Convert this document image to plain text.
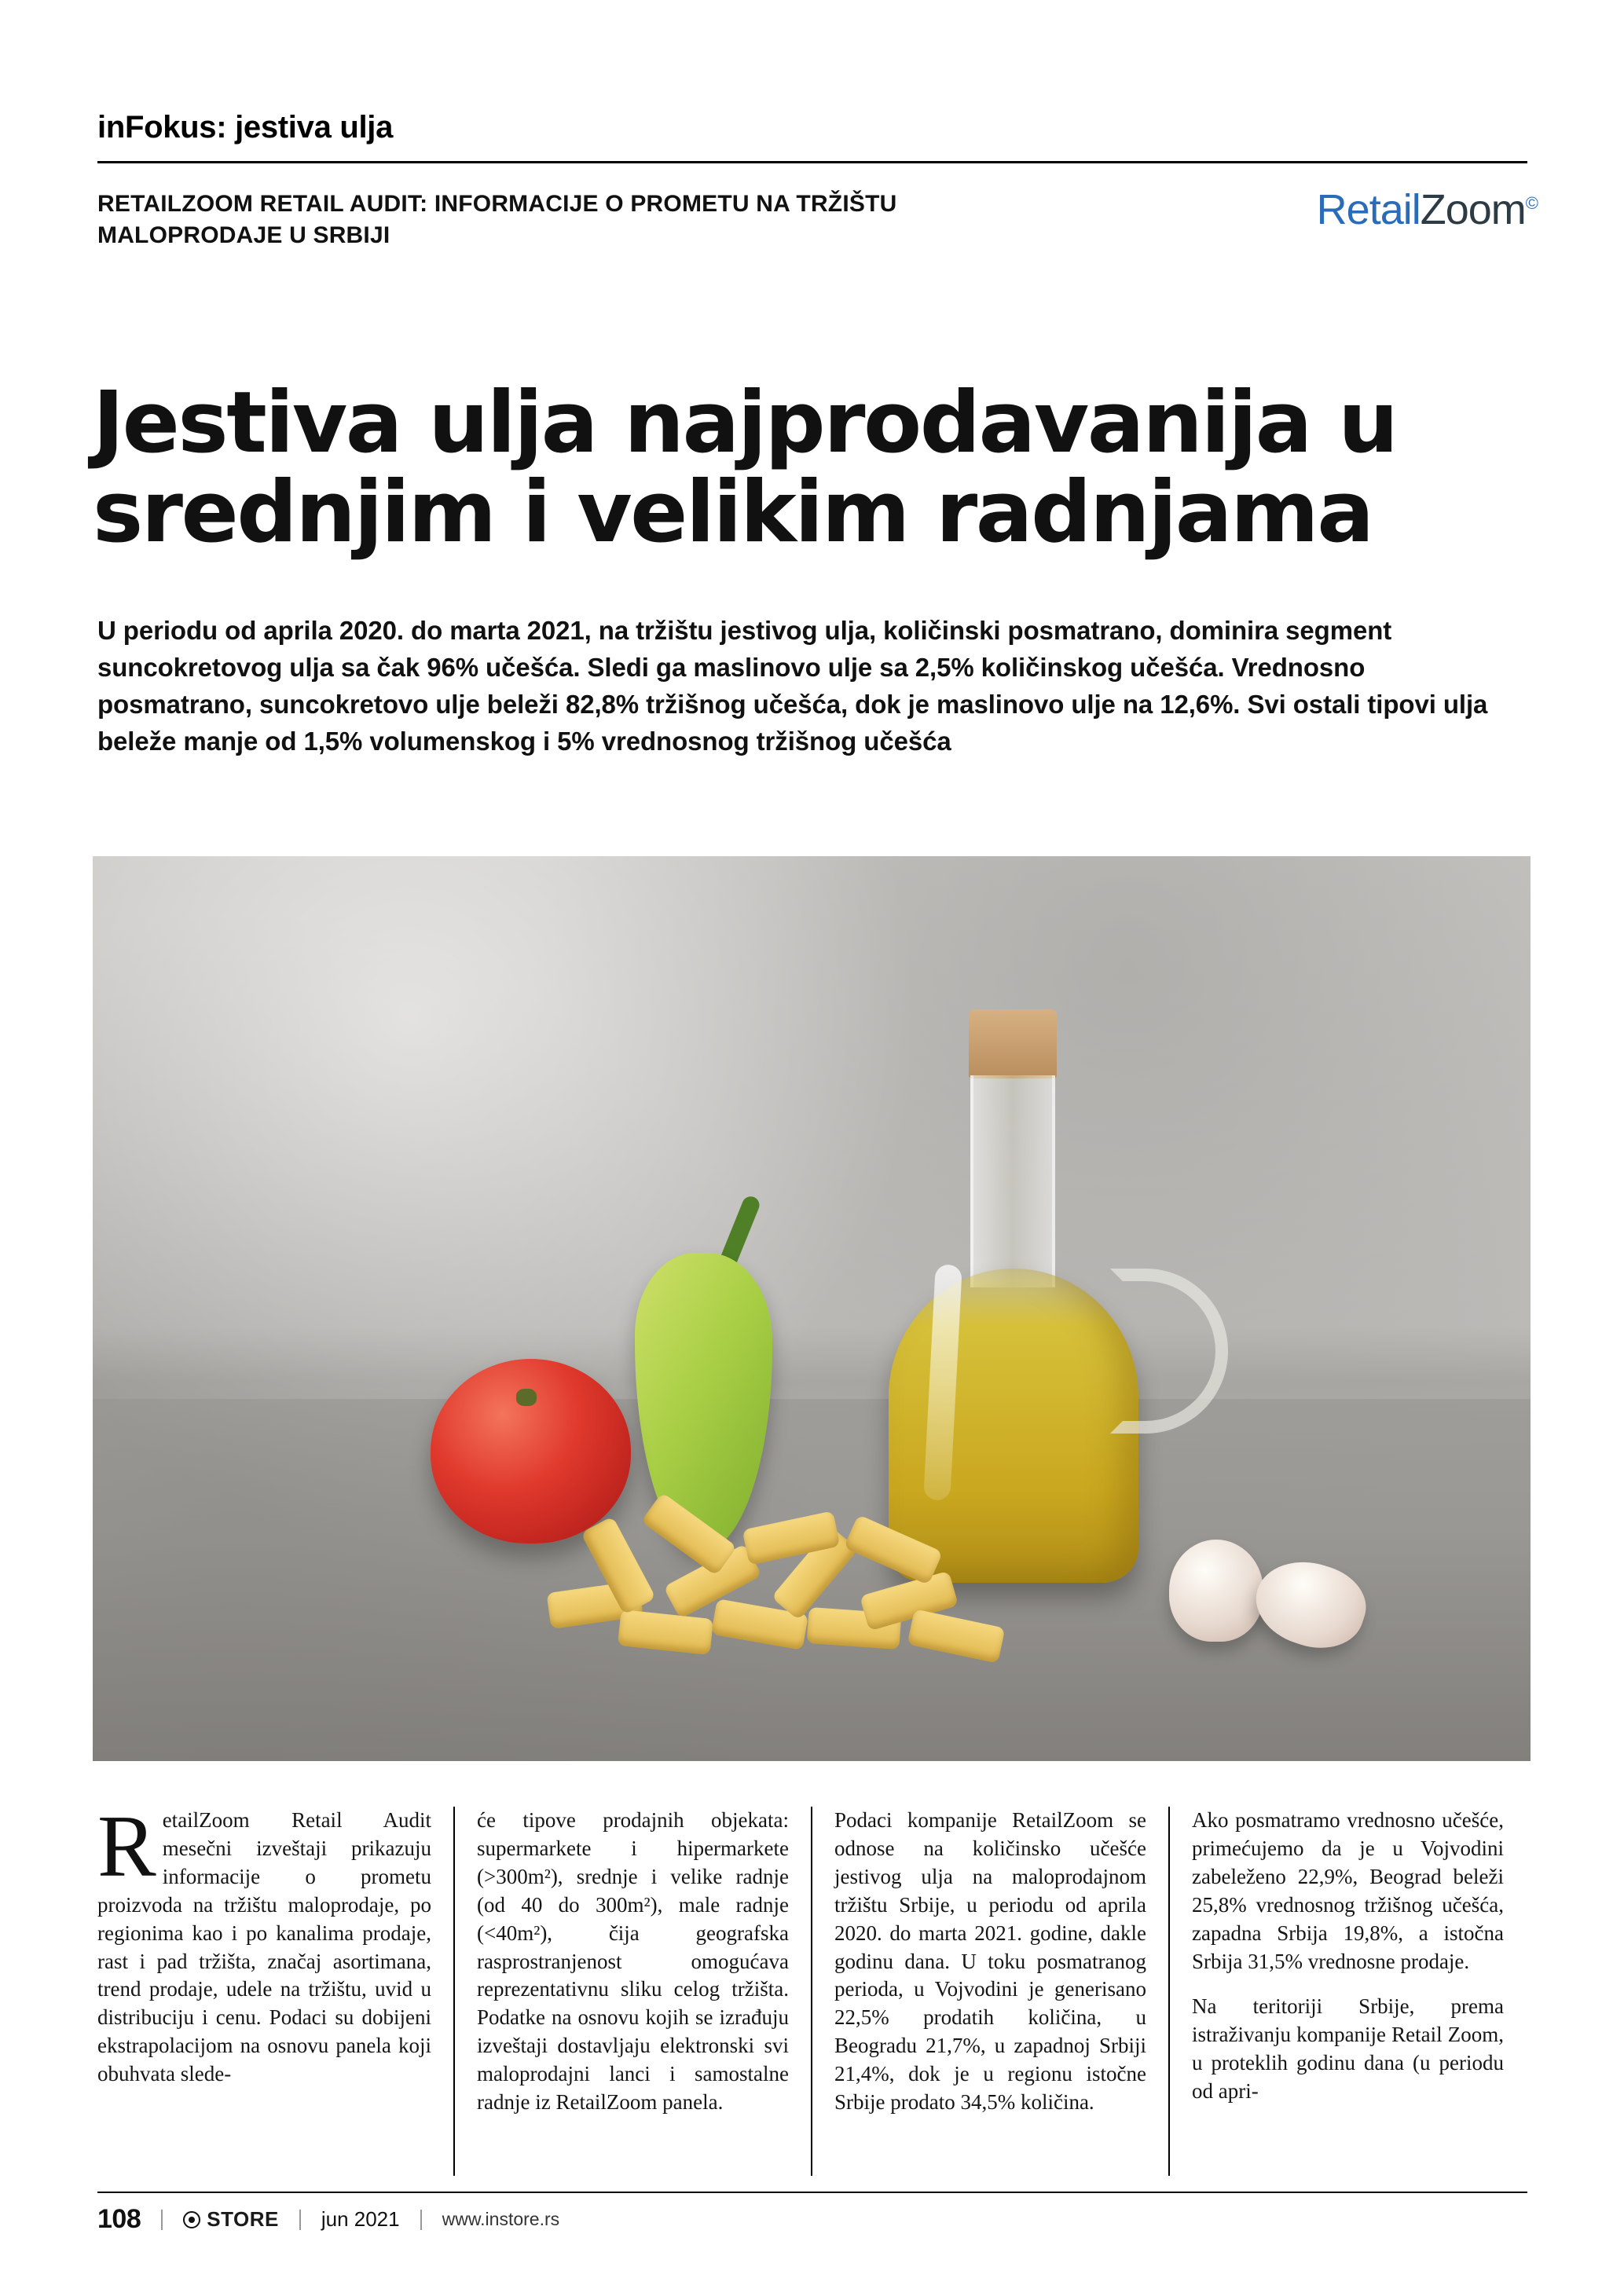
inFokus: jestiva ulja
RETAILZOOM RETAIL AUDIT: INFORMACIJE O PROMETU NA TRŽIŠTU MALOPRODAJE U SRBIJI
RetailZoom©
Jestiva ulja najprodavanija u srednjim i velikim radnjama
U periodu od aprila 2020. do marta 2021, na tržištu jestivog ulja, količinski posmatrano, dominira segment suncokretovog ulja sa čak 96% učešća. Sledi ga maslinovo ulje sa 2,5% količinskog učešća. Vrednosno posmatrano, suncokretovo ulje beleži 82,8% tržišnog učešća, dok je maslinovo ulje na 12,6%. Svi ostali tipovi ulja beleže manje od 1,5% volumenskog i 5% vrednosnog tržišnog učešća
R etailZoom Retail Audit mesečni izveštaji prikazuju informacije o prometu proizvoda na tržištu maloprodaje, po regionima kao i po kanalima prodaje, rast i pad tržišta, značaj asortimana, trend prodaje, udele na tržištu, uvid u distribuciju i cenu. Podaci su dobijeni ekstrapolacijom na osnovu panela koji obuhvata slede-

će tipove prodajnih objekata: supermarkete i hipermarkete (>300m²), srednje i velike radnje (od 40 do 300m²), male radnje (<40m²), čija geografska rasprostranjenost omogućava reprezentativnu sliku celog tržišta. Podatke na osnovu kojih se izrađuju izveštaji dostavljaju elektronski svi maloprodajni lanci i samostalne radnje iz RetailZoom panela.

Podaci kompanije RetailZoom se odnose na količinsko učešće jestivog ulja na maloprodajnom tržištu Srbije, u periodu od aprila 2020. do marta 2021. godine, dakle godinu dana. U toku posmatranog perioda, u Vojvodini je generisano 22,5% prodatih količina, u Beogradu 21,7%, u zapadnoj Srbiji 21,4%, dok je u regionu istočne Srbije prodato 34,5% količina.

Ako posmatramo vrednosno učešće, primećujemo da je u Vojvodini zabeleženo 22,9%, Beograd beleži 25,8% vrednosnog tržišnog učešća, zapadna Srbija 19,8%, a istočna Srbija 31,5% vrednosne prodaje.

Na teritoriji Srbije, prema istraživanju kompanije Retail Zoom, u proteklih godinu dana (u periodu od apri-

108	STORE jun 2021 www.instore.rs
